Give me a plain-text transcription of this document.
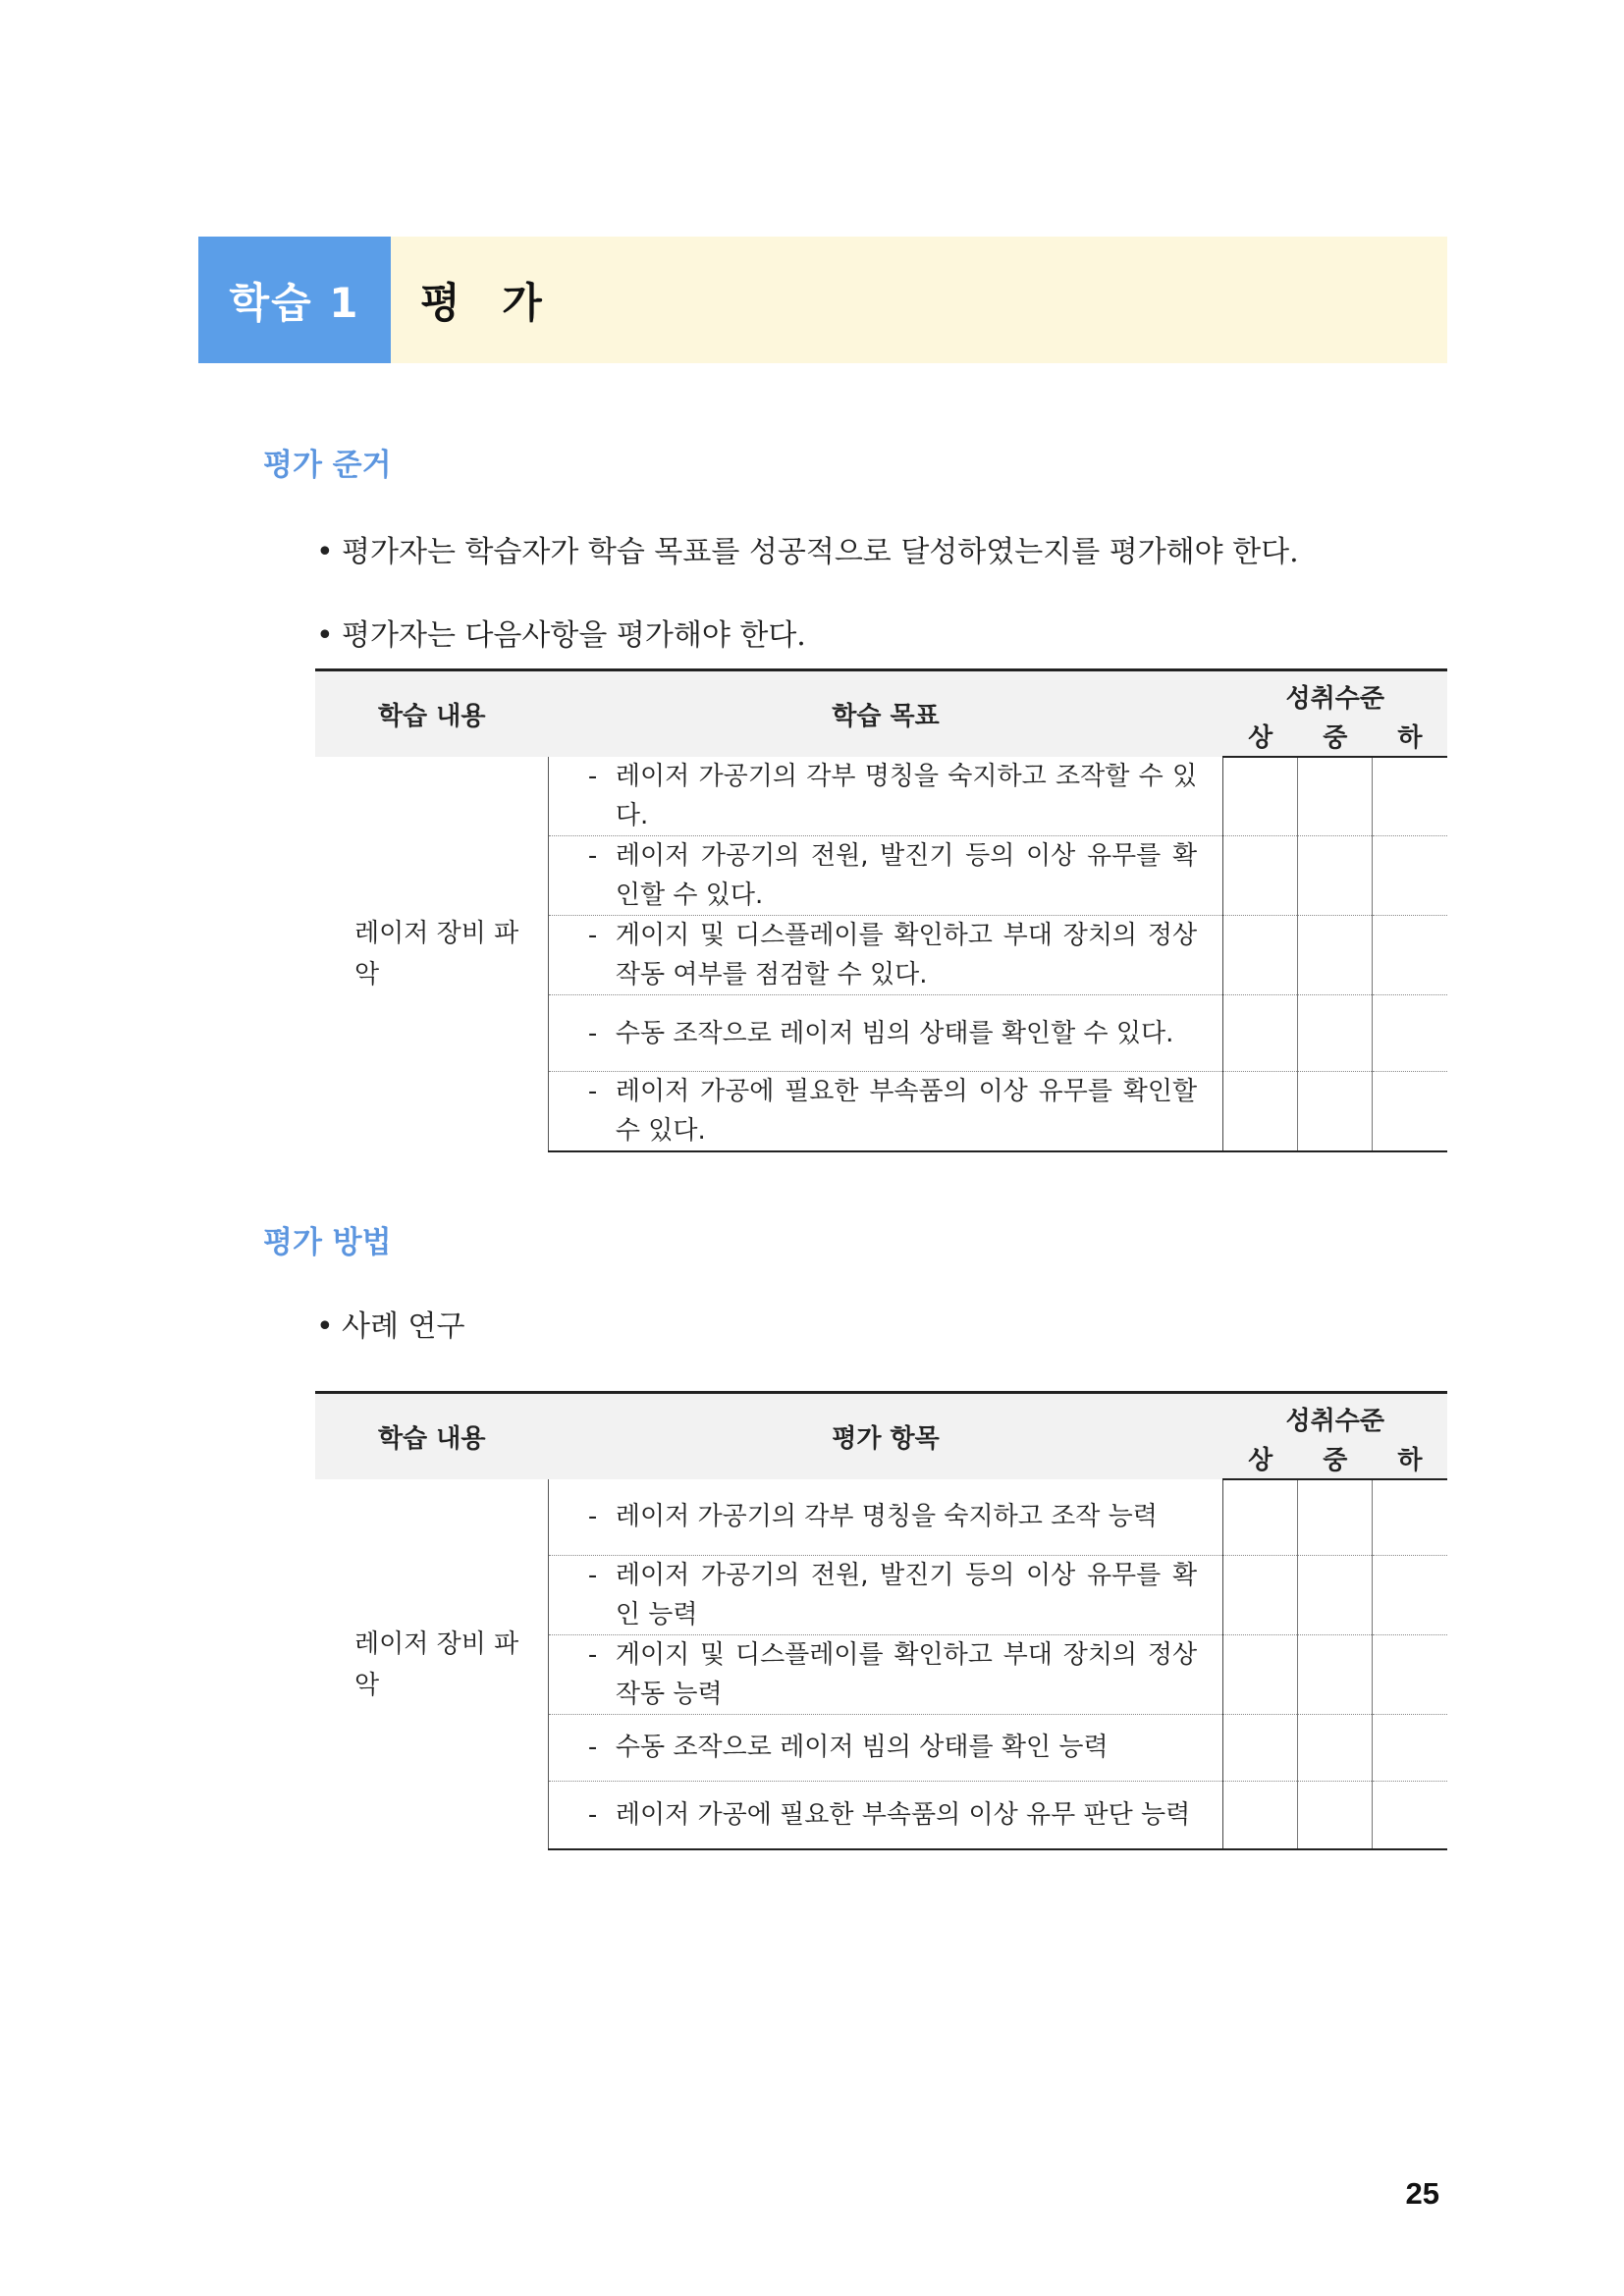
학습 1	평 가
평가 준거
• 평가자는 학습자가 학습 목표를 성공적으로 달성하였는지를 평가해야 한다.
• 평가자는 다음사항을 평가해야 한다.
학습 내용	학습 목표	성취수준		
		상	중	하
레이저 장비 파악	- 레이저 가공기의 각부 명칭을 숙지하고 조작할 수 있다.			

	- 레이저 가공기의 전원, 발진기 등의 이상 유무를 확인할 수 있다.			

	- 게이지 및 디스플레이를 확인하고 부대 장치의 정상 작동 여부를 점검할 수 있다.			

	- 수동 조작으로 레이저 빔의 상태를 확인할 수 있다.			

	- 레이저 가공에 필요한 부속품의 이상 유무를 확인할 수 있다.			

평가 방법
• 사례 연구
학습 내용	평가 항목	성취수준		
		상	중	하
레이저 장비 파악	- 레이저 가공기의 각부 명칭을 숙지하고 조작 능력			

	- 레이저 가공기의 전원, 발진기 등의 이상 유무를 확인 능력			

	- 게이지 및 디스플레이를 확인하고 부대 장치의 정상 작동 능력			

	- 수동 조작으로 레이저 빔의 상태를 확인 능력			

	- 레이저 가공에 필요한 부속품의 이상 유무 판단 능력			

25
